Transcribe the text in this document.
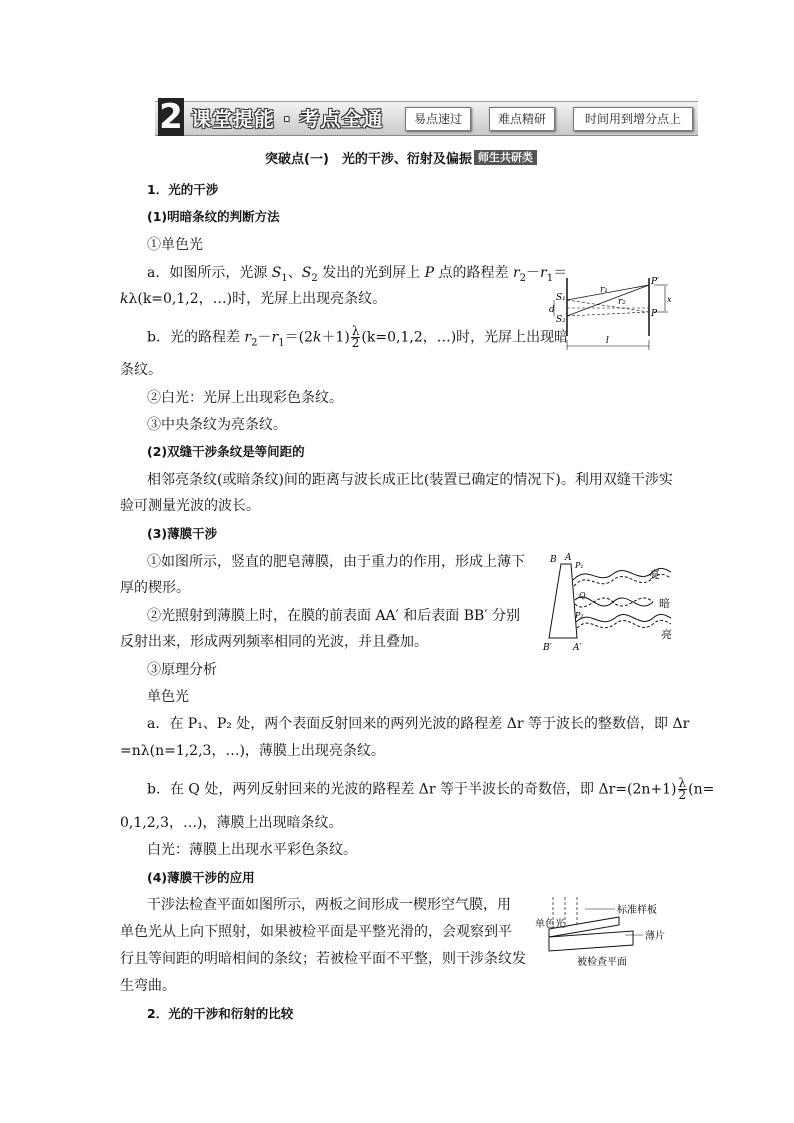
2 课堂提能 · 考点全通	易点速过	难点精研	时间用到增分点上
突破点(一)　光的干涉、衍射及偏振 师生共研类
1．光的干涉
(1)明暗条纹的判断方法
①单色光
a．如图所示，光源 $S_1$、$S_2$ 发出的光到屏上 P 点的路程差 $r_2-r_1=$
kλ(k=0,1,2，…)时，光屏上出现亮条纹。
b．光的路程差 $r_2-r_1=(2k+1) \frac{\lambda}{2} (k=0,1,2$，…)时，光屏上出现暗
条纹。
②白光：光屏上出现彩色条纹。
③中央条纹为亮条纹。
(2)双缝干涉条纹是等间距的
相邻亮条纹(或暗条纹)间的距离与波长成正比(装置已确定的情况下)。利用双缝干涉实
验可测量光波的波长。
(3)薄膜干涉
①如图所示，竖直的肥皂薄膜，由于重力的作用，形成上薄下
厚的楔形。
②光照射到薄膜上时，在膜的前表面 AA′ 和后表面 BB′ 分别
反射出来，形成两列频率相同的光波，并且叠加。
③原理分析
单色光
a．在 P₁、P₂ 处，两个表面反射回来的两列光波的路程差 Δr 等于波长的整数倍，即 Δr
=nλ(n=1,2,3，…)，薄膜上出现亮条纹。
b．在 Q 处，两列反射回来的光波的路程差 Δr 等于半波长的奇数倍，即 $\Delta r=(2n+1) \frac{\lambda}{2} (n=$
0,1,2,3，…)，薄膜上出现暗条纹。
白光：薄膜上出现水平彩色条纹。
(4)薄膜干涉的应用
干涉法检查平面如图所示，两板之间形成一楔形空气膜，用
单色光从上向下照射，如果被检平面是平整光滑的，会观察到平
行且等间距的明暗相间的条纹；若被检平面不平整，则干涉条纹发
生弯曲。
2．光的干涉和衍射的比较
S₁
S₂
d
r₁
r₂
P′
P
x
l
B A
B′ A′
P₁
Q
P₂
亮
暗
亮
标准样板
单色光
薄片
被检查平面
